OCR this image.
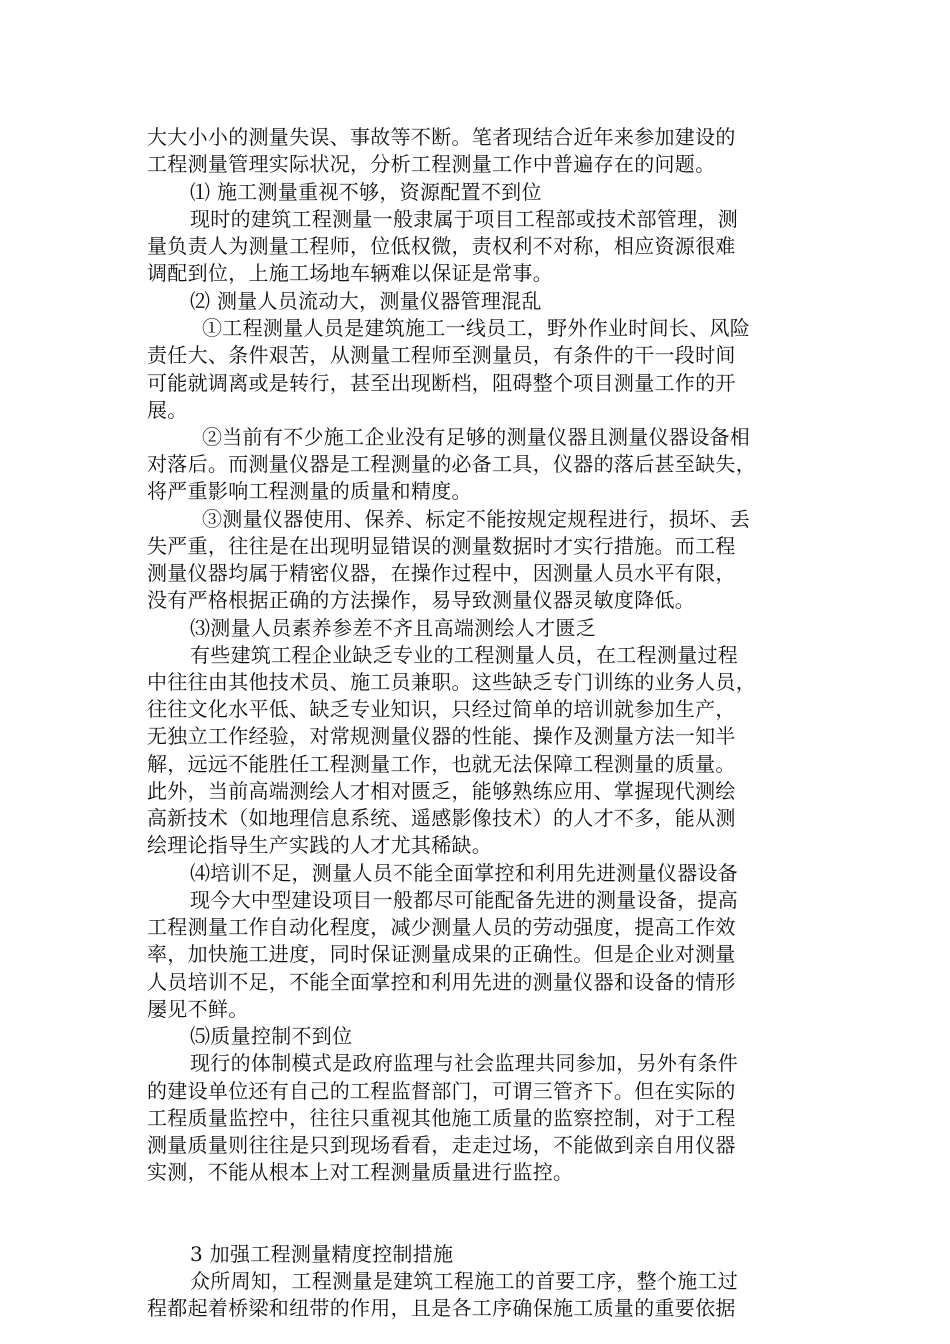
大大小小的测量失误、事故等不断。笔者现结合近年来参加建设的
工程测量管理实际状况，分析工程测量工作中普遍存在的问题。
⑴ 施工测量重视不够，资源配置不到位
现时的建筑工程测量一般隶属于项目工程部或技术部管理，测
量负责人为测量工程师，位低权微，责权利不对称，相应资源很难
调配到位，上施工场地车辆难以保证是常事。
⑵ 测量人员流动大，测量仪器管理混乱
①工程测量人员是建筑施工一线员工，野外作业时间长、风险
责任大、条件艰苦，从测量工程师至测量员，有条件的干一段时间
可能就调离或是转行，甚至出现断档，阻碍整个项目测量工作的开
展。
②当前有不少施工企业没有足够的测量仪器且测量仪器设备相
对落后。而测量仪器是工程测量的必备工具，仪器的落后甚至缺失，
将严重影响工程测量的质量和精度。
③测量仪器使用、保养、标定不能按规定规程进行，损坏、丢
失严重，往往是在出现明显错误的测量数据时才实行措施。而工程
测量仪器均属于精密仪器，在操作过程中，因测量人员水平有限，
没有严格根据正确的方法操作，易导致测量仪器灵敏度降低。
⑶测量人员素养参差不齐且高端测绘人才匮乏
有些建筑工程企业缺乏专业的工程测量人员，在工程测量过程
中往往由其他技术员、施工员兼职。这些缺乏专门训练的业务人员，
往往文化水平低、缺乏专业知识，只经过简单的培训就参加生产，
无独立工作经验，对常规测量仪器的性能、操作及测量方法一知半
解，远远不能胜任工程测量工作，也就无法保障工程测量的质量。
此外，当前高端测绘人才相对匮乏，能够熟练应用、掌握现代测绘
高新技术（如地理信息系统、遥感影像技术）的人才不多，能从测
绘理论指导生产实践的人才尤其稀缺。
⑷培训不足，测量人员不能全面掌控和利用先进测量仪器设备
现今大中型建设项目一般都尽可能配备先进的测量设备，提高
工程测量工作自动化程度，减少测量人员的劳动强度，提高工作效
率，加快施工进度，同时保证测量成果的正确性。但是企业对测量
人员培训不足，不能全面掌控和利用先进的测量仪器和设备的情形
屡见不鲜。
⑸质量控制不到位
现行的体制模式是政府监理与社会监理共同参加，另外有条件
的建设单位还有自己的工程监督部门，可谓三管齐下。但在实际的
工程质量监控中，往往只重视其他施工质量的监察控制，对于工程
测量质量则往往是只到现场看看，走走过场，不能做到亲自用仪器
实测，不能从根本上对工程测量质量进行监控。
3 加强工程测量精度控制措施
众所周知，工程测量是建筑工程施工的首要工序，整个施工过
程都起着桥梁和纽带的作用，且是各工序确保施工质量的重要依据
